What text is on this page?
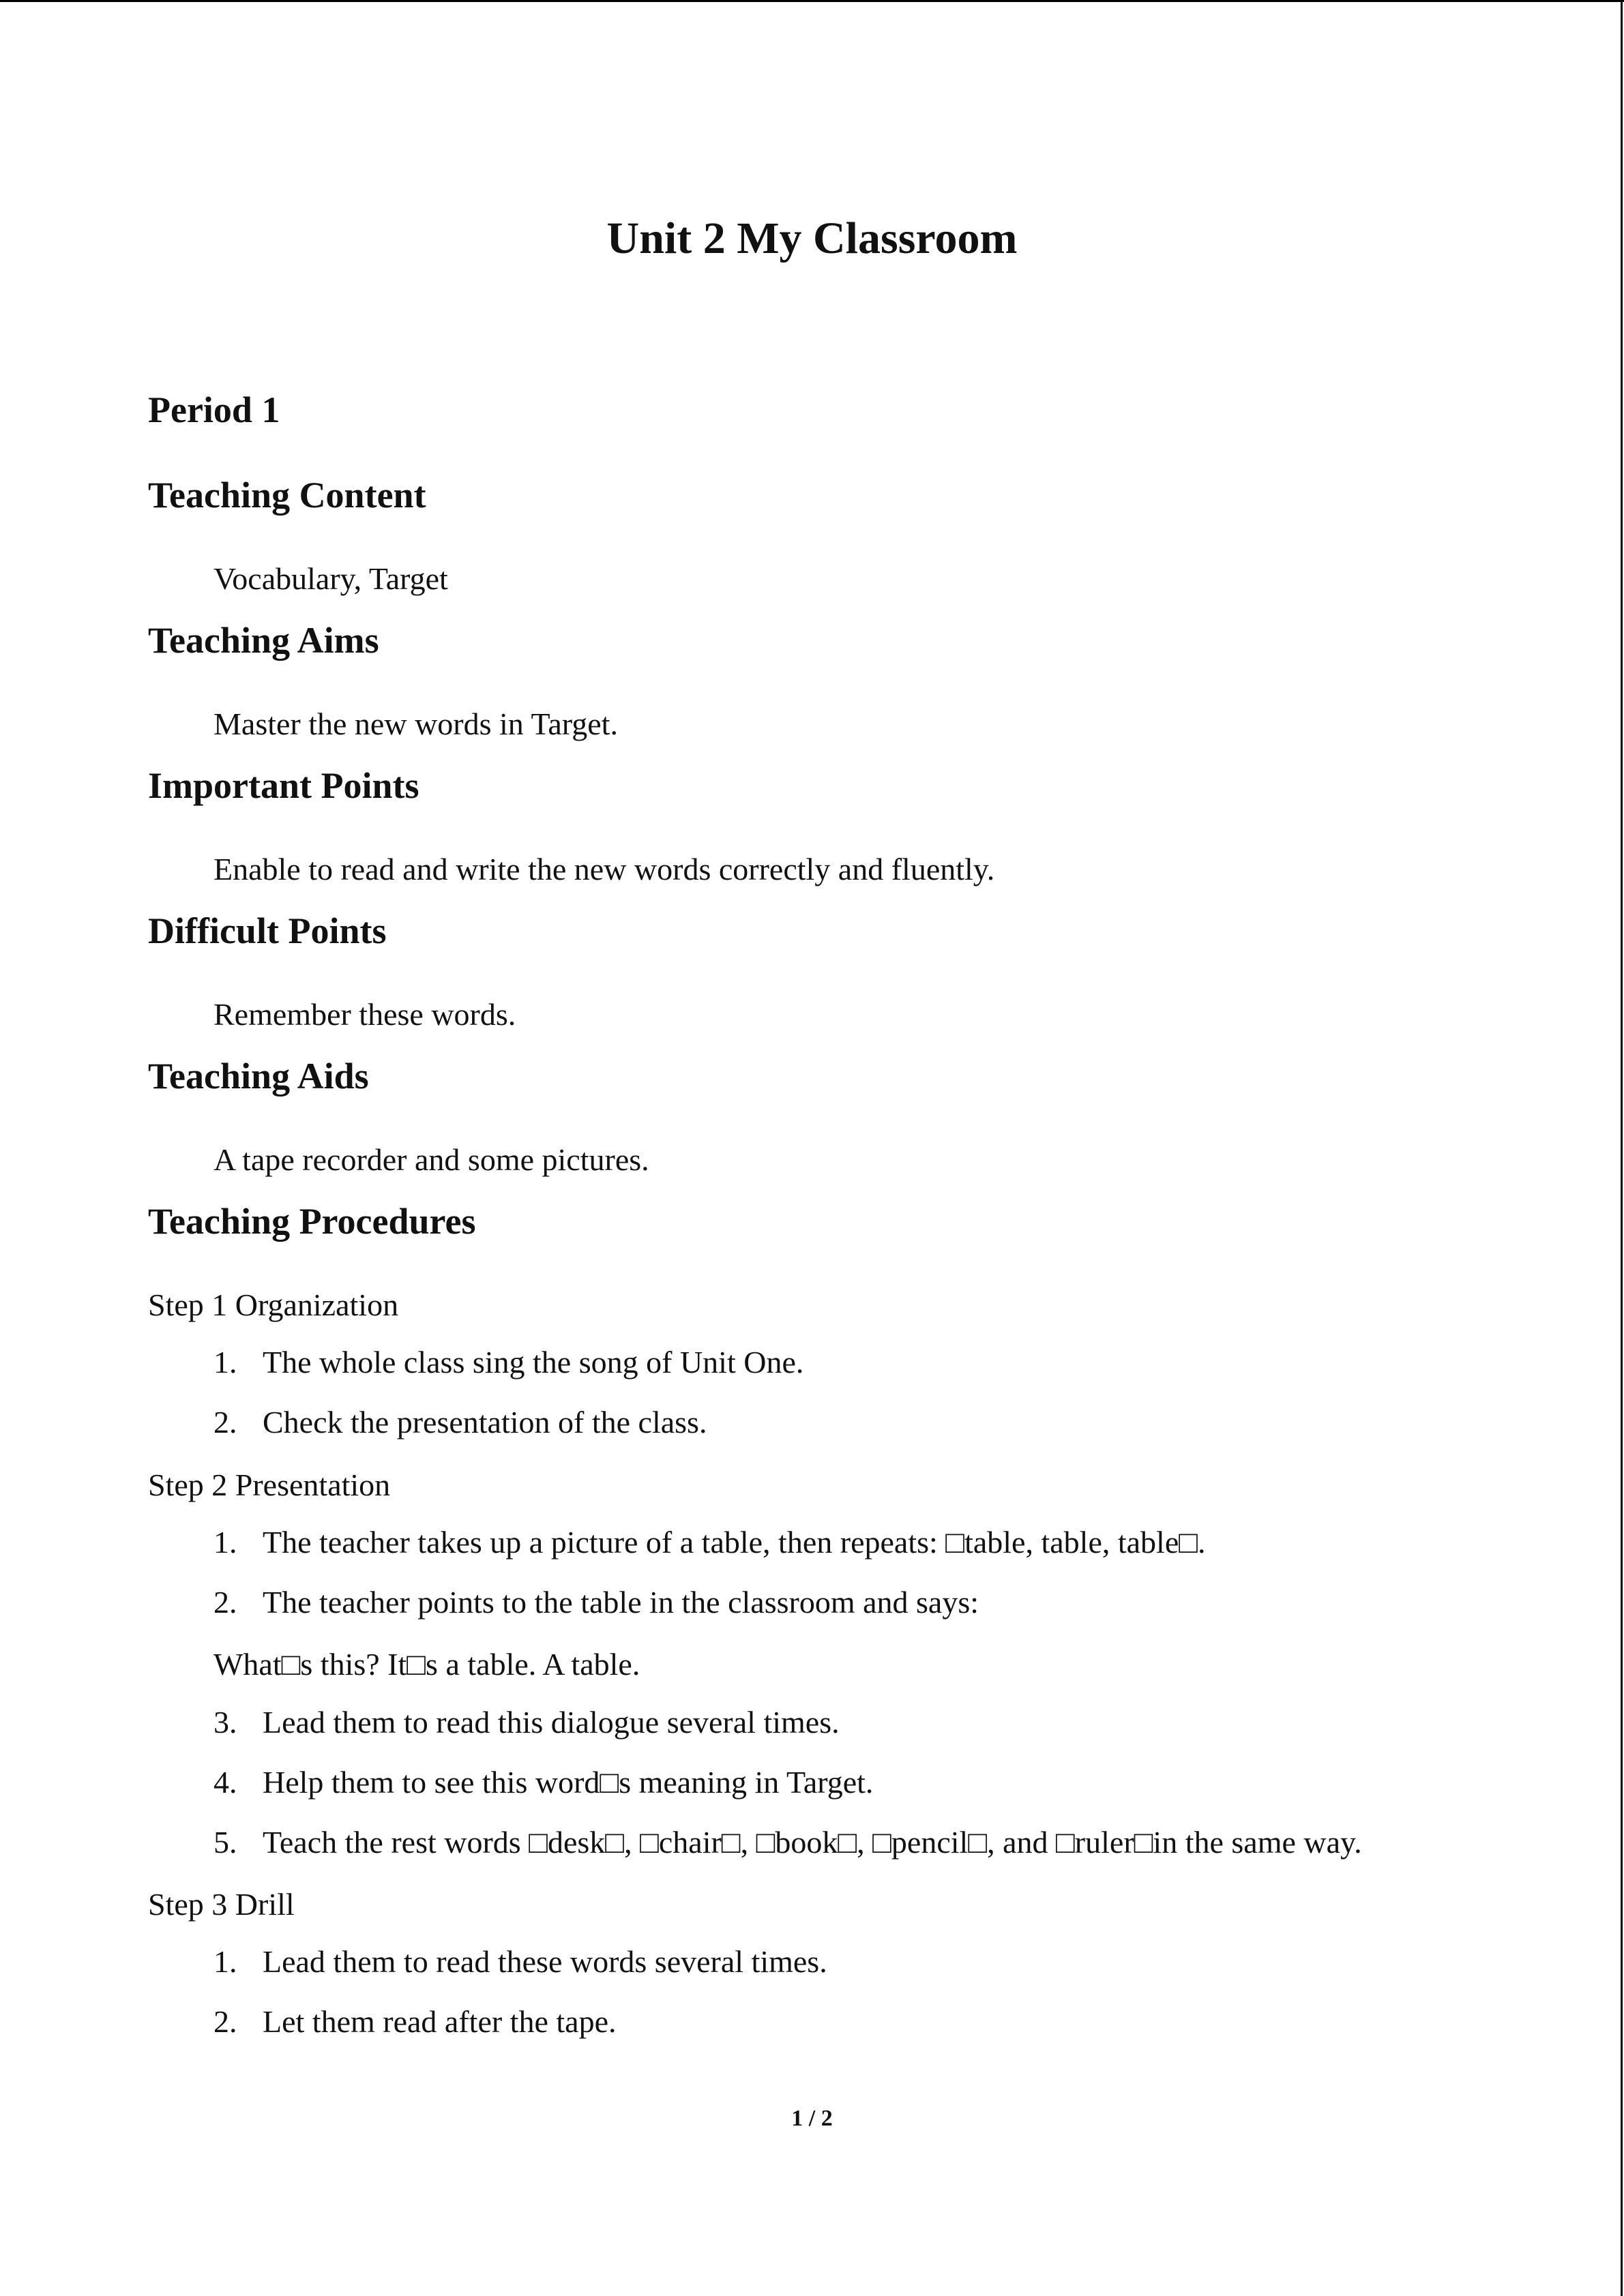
Unit 2 My Classroom
Period 1
Teaching Content
Vocabulary, Target
Teaching Aims
Master the new words in Target.
Important Points
Enable to read and write the new words correctly and fluently.
Difficult Points
Remember these words.
Teaching Aids
A tape recorder and some pictures.
Teaching Procedures
Step 1 Organization
1. The whole class sing the song of Unit One.
2. Check the presentation of the class.
Step 2 Presentation
1. The teacher takes up a picture of a table, then repeats: □table, table, table□.
2. The teacher points to the table in the classroom and says:
What□s this? It□s a table. A table.
3. Lead them to read this dialogue several times.
4. Help them to see this word□s meaning in Target.
5. Teach the rest words □desk□, □chair□, □book□, □pencil□, and □ruler□in the same way.
Step 3 Drill
1. Lead them to read these words several times.
2. Let them read after the tape.
1 / 2
